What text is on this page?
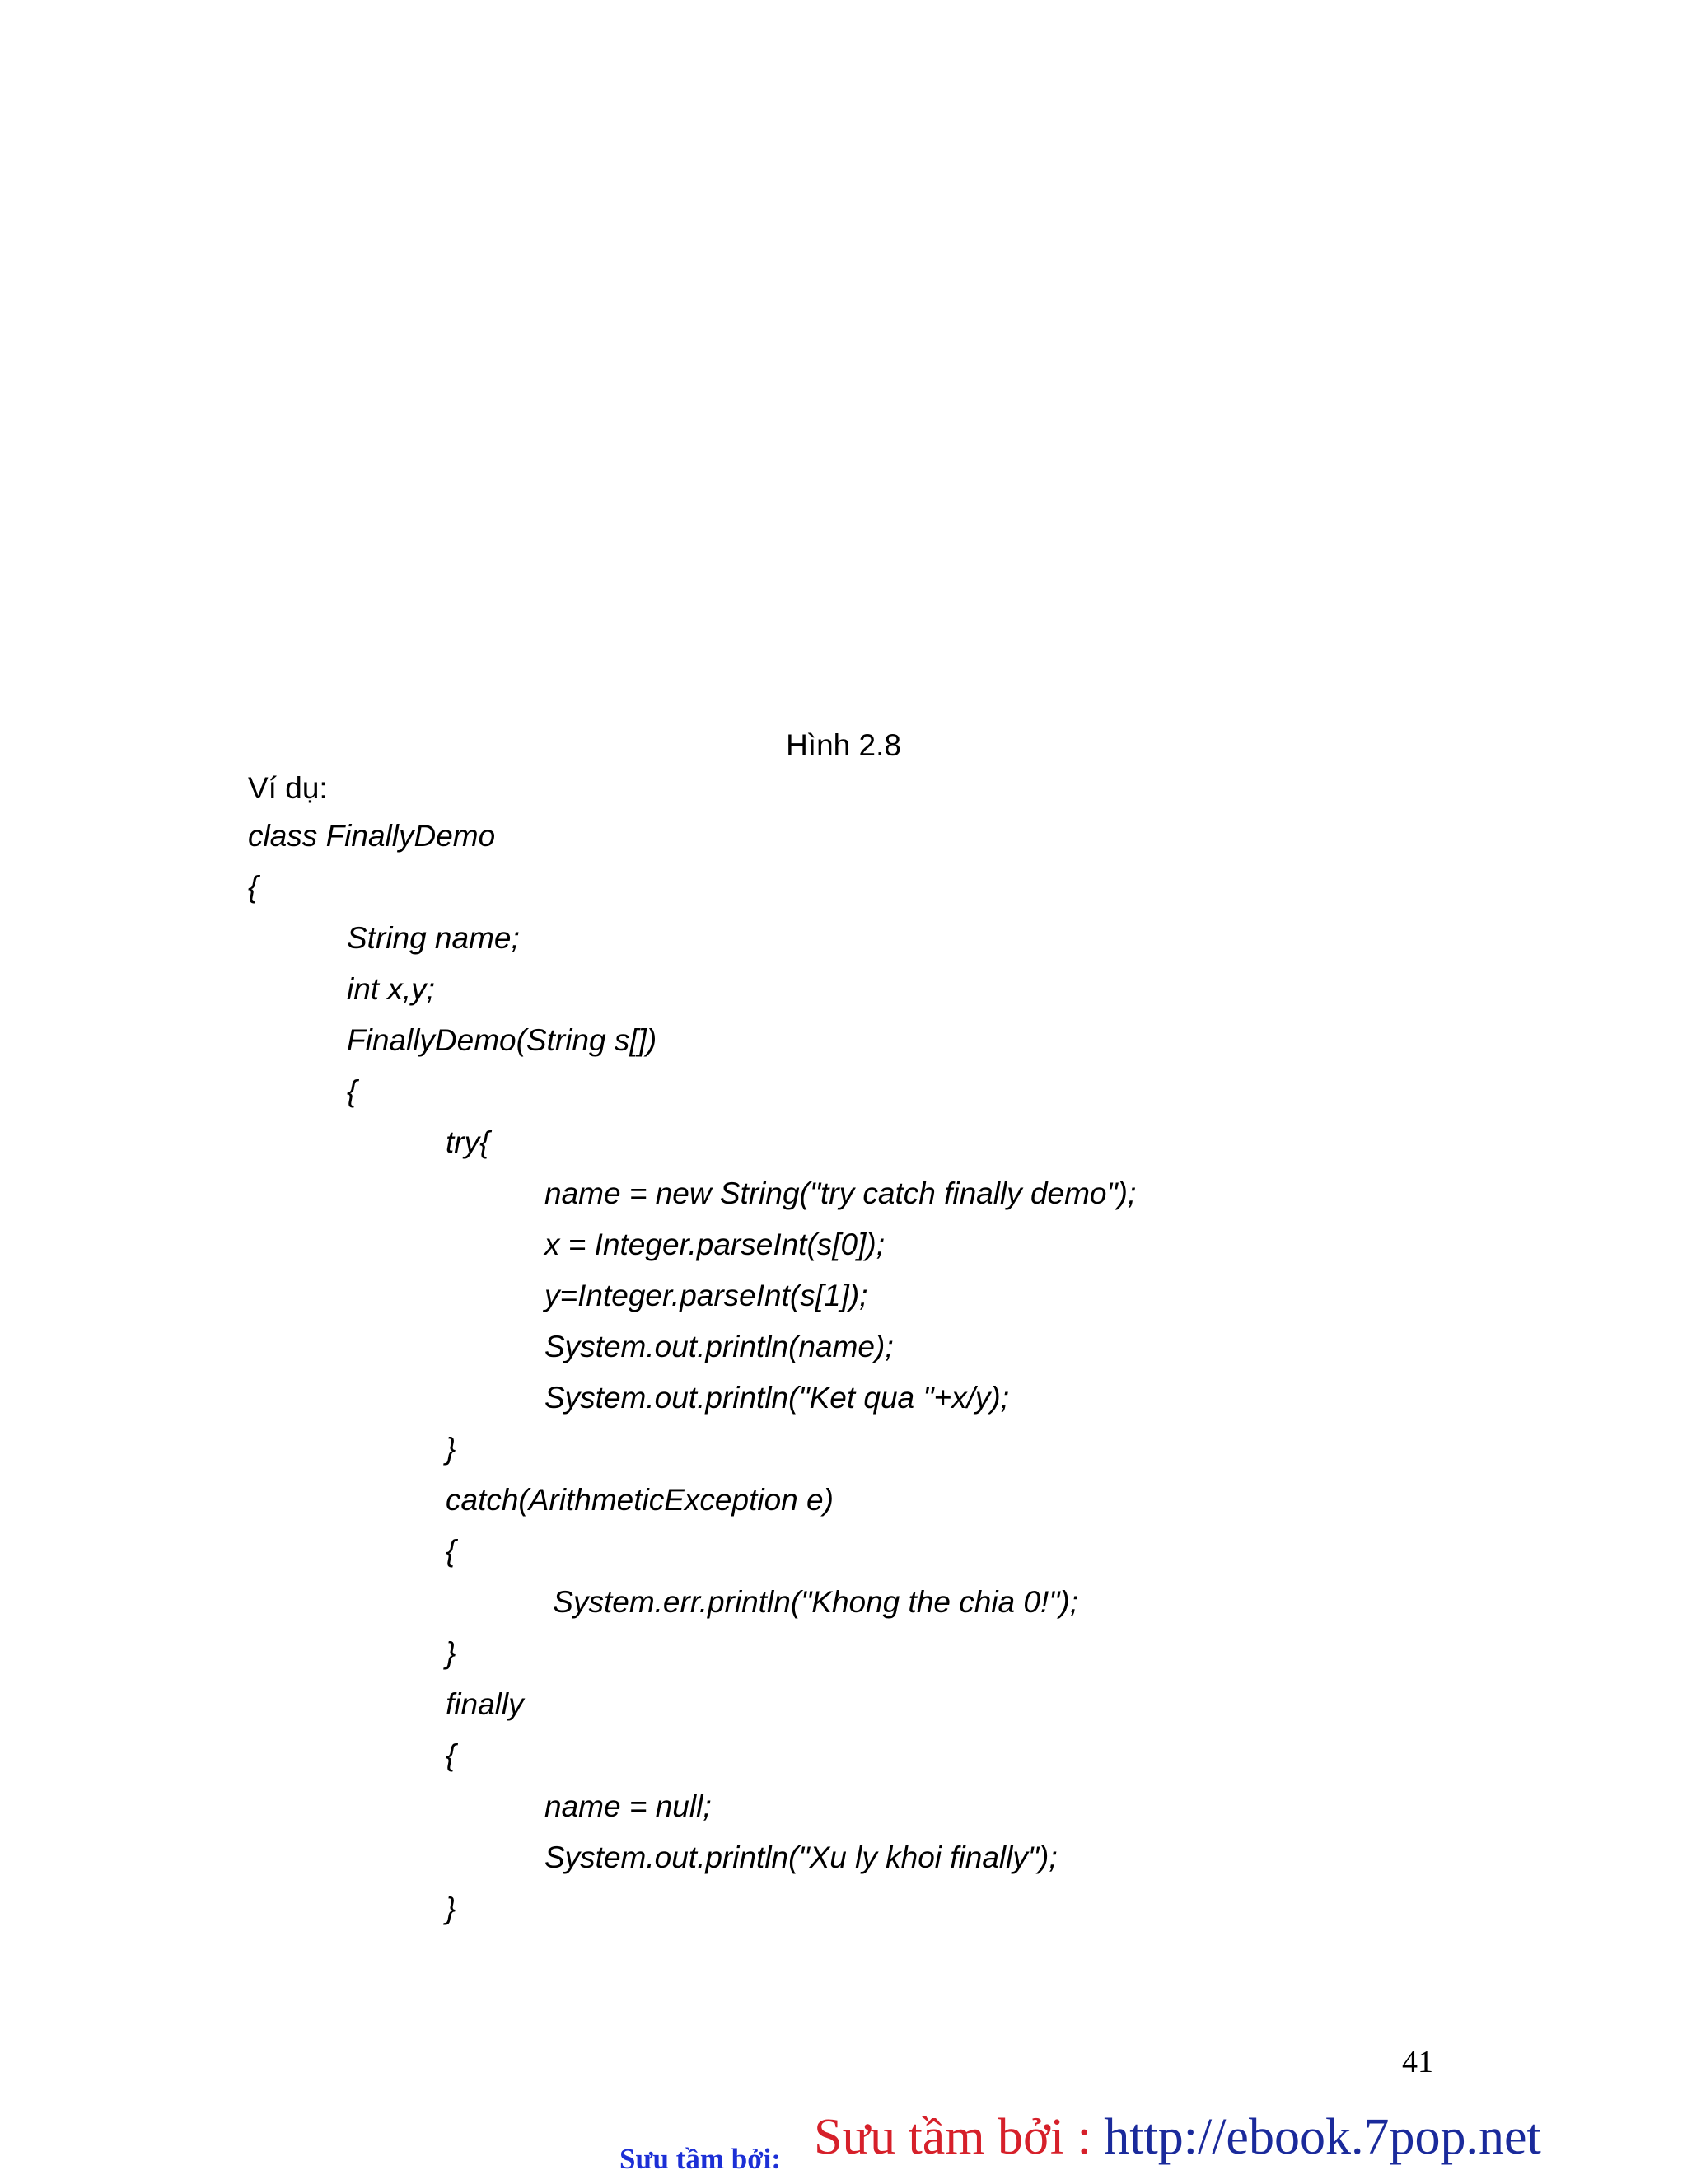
Hình 2.8
Ví dụ:
class FinallyDemo
{
String name;
int x,y;
FinallyDemo(String s[])
{
try{
name = new String("try catch finally demo");
x = Integer.parseInt(s[0]);
y=Integer.parseInt(s[1]);
System.out.println(name);
System.out.println("Ket qua "+x/y);
}
catch(ArithmeticException e)
{
System.err.println("Khong the chia 0!");
}
finally
{
name = null;
System.out.println("Xu ly khoi finally");
}
41
Sưu tầm bởi: Sưu tầm bởi : http://ebook.7pop.net
